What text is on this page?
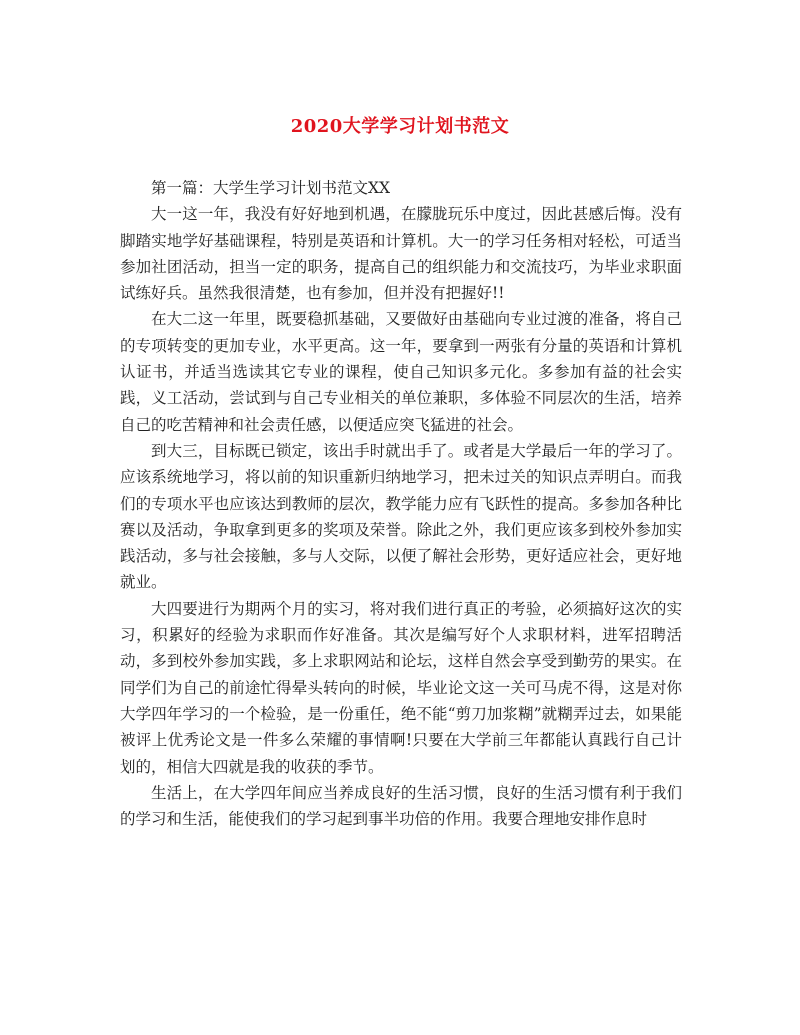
2020大学学习计划书范文

第一篇：大学生学习计划书范文XX

大一这一年，我没有好好地到机遇，在朦胧玩乐中度过，因此甚感后悔。没有脚踏实地学好基础课程，特别是英语和计算机。大一的学习任务相对轻松，可适当参加社团活动，担当一定的职务，提高自己的组织能力和交流技巧，为毕业求职面试练好兵。虽然我很清楚，也有参加，但并没有把握好!!

在大二这一年里，既要稳抓基础，又要做好由基础向专业过渡的准备，将自己的专项转变的更加专业，水平更高。这一年，要拿到一两张有分量的英语和计算机认证书，并适当选读其它专业的课程，使自己知识多元化。多参加有益的社会实践，义工活动，尝试到与自己专业相关的单位兼职，多体验不同层次的生活，培养自己的吃苦精神和社会责任感，以便适应突飞猛进的社会。

到大三，目标既已锁定，该出手时就出手了。或者是大学最后一年的学习了。应该系统地学习，将以前的知识重新归纳地学习，把未过关的知识点弄明白。而我们的专项水平也应该达到教师的层次，教学能力应有飞跃性的提高。多参加各种比赛以及活动，争取拿到更多的奖项及荣誉。除此之外，我们更应该多到校外参加实践活动，多与社会接触，多与人交际，以便了解社会形势，更好适应社会，更好地就业。

大四要进行为期两个月的实习，将对我们进行真正的考验，必须搞好这次的实习，积累好的经验为求职而作好准备。其次是编写好个人求职材料，进军招聘活动，多到校外参加实践，多上求职网站和论坛，这样自然会享受到勤劳的果实。在同学们为自己的前途忙得晕头转向的时候，毕业论文这一关可马虎不得，这是对你大学四年学习的一个检验，是一份重任，绝不能“剪刀加浆糊”就糊弄过去，如果能被评上优秀论文是一件多么荣耀的事情啊!只要在大学前三年都能认真践行自己计划的，相信大四就是我的收获的季节。

生活上，在大学四年间应当养成良好的生活习惯，良好的生活习惯有利于我们的学习和生活，能使我们的学习起到事半功倍的作用。我要合理地安排作息时
